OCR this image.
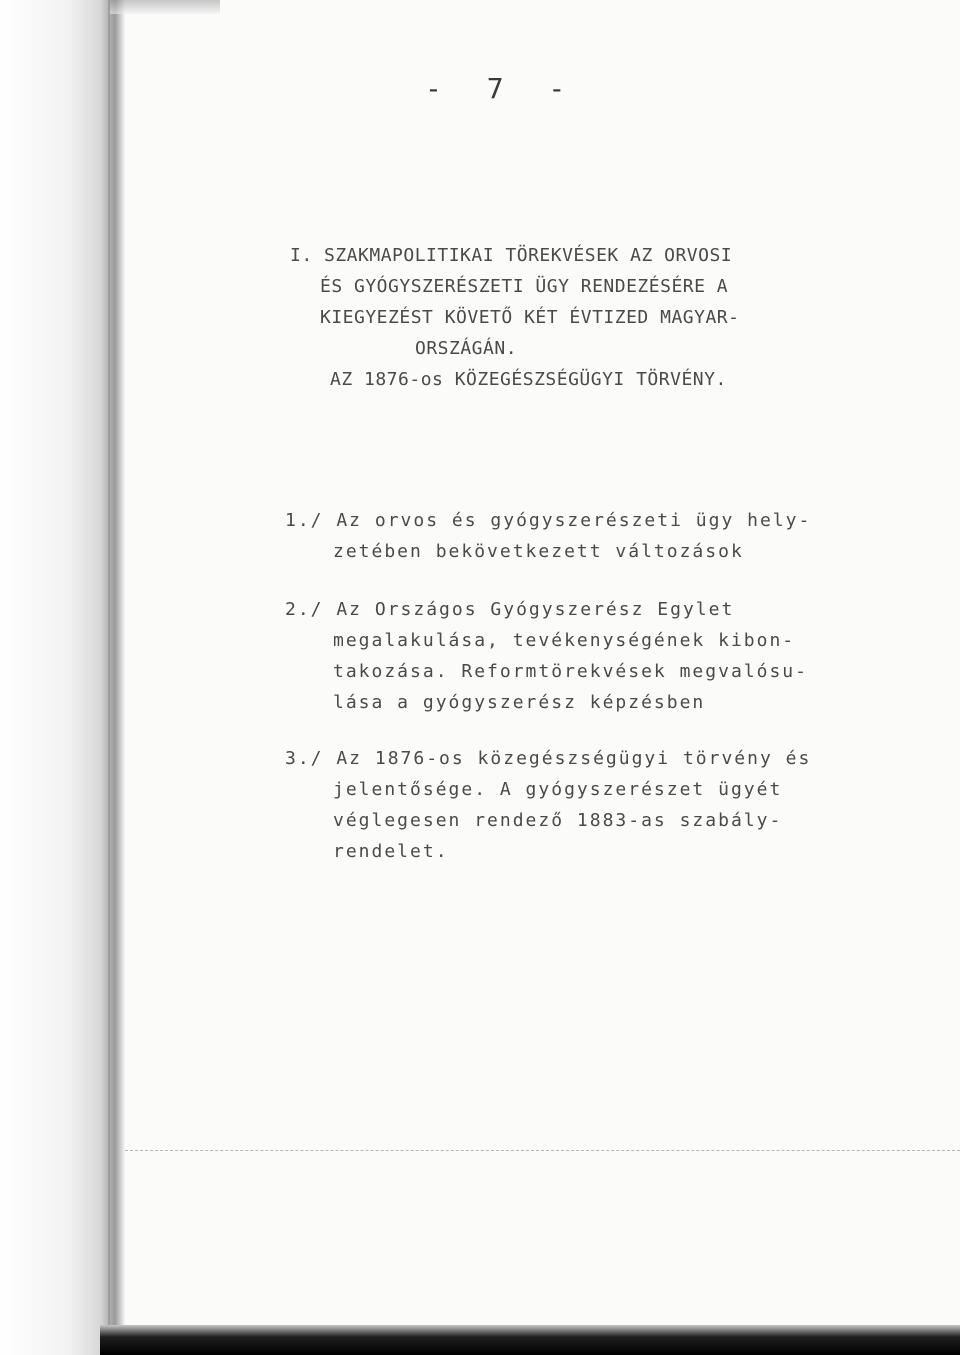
- 7 -
I. SZAKMAPOLITIKAI TÖREKVÉSEK AZ ORVOSI
ÉS GYÓGYSZERÉSZETI ÜGY RENDEZÉSÉRE A
KIEGYEZÉST KÖVETŐ KÉT ÉVTIZED MAGYAR-
ORSZÁGÁN.
AZ 1876-os KÖZEGÉSZSÉGÜGYI TÖRVÉNY.
1./ Az orvos és gyógyszerészeti ügy hely-
zetében bekövetkezett változások
2./ Az Országos Gyógyszerész Egylet
megalakulása, tevékenységének kibon-
takozása. Reformtörekvések megvalósu-
lása a gyógyszerész képzésben
3./ Az 1876-os közegészségügyi törvény és
jelentősége. A gyógyszerészet ügyét
véglegesen rendező 1883-as szabály-
rendelet.
